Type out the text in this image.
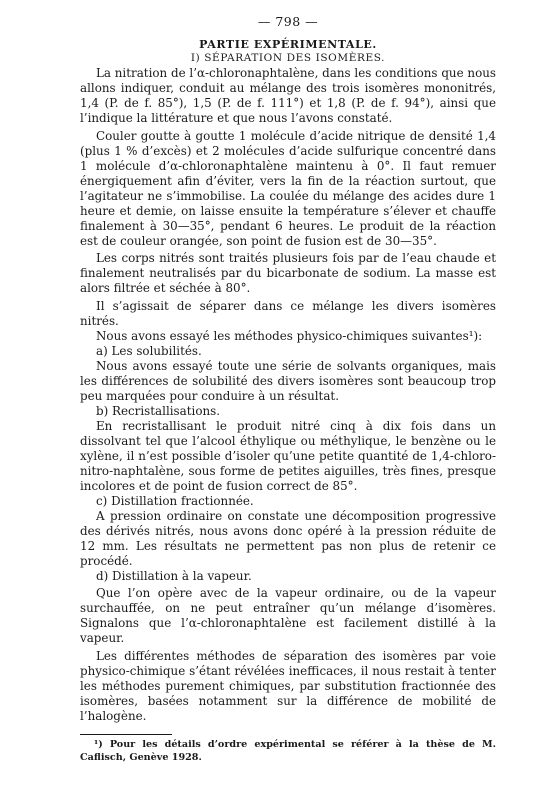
— 798 —
PARTIE EXPÉRIMENTALE.
I) SÉPARATION DES ISOMÈRES.

La nitration de l’α-chloronaphtalène, dans les conditions que nous allons indiquer, conduit au mélange des trois isomères mononitrés, 1,4 (P. de f. 85°), 1,5 (P. de f. 111°) et 1,8 (P. de f. 94°), ainsi que l’indique la littérature et que nous l’avons constaté.

Couler goutte à goutte 1 molécule d’acide nitrique de densité 1,4 (plus 1 % d’excès) et 2 molécules d’acide sulfurique concentré dans 1 molécule d’α-chloronaphtalène maintenu à 0°. Il faut remuer énergiquement afin d’éviter, vers la fin de la réaction surtout, que l’agitateur ne s’immobilise. La coulée du mélange des acides dure 1 heure et demie, on laisse ensuite la température s’élever et chauffe finalement à 30—35°, pendant 6 heures. Le produit de la réaction est de couleur orangée, son point de fusion est de 30—35°.

Les corps nitrés sont traités plusieurs fois par de l’eau chaude et finalement neutralisés par du bicarbonate de sodium. La masse est alors filtrée et séchée à 80°.

Il s’agissait de séparer dans ce mélange les divers isomères nitrés.

Nous avons essayé les méthodes physico-chimiques suivantes¹):

a) Les solubilités.

Nous avons essayé toute une série de solvants organiques, mais les différences de solubilité des divers isomères sont beaucoup trop peu marquées pour conduire à un résultat.

b) Recristallisations.

En recristallisant le produit nitré cinq à dix fois dans un dissolvant tel que l’alcool éthylique ou méthylique, le benzène ou le xylène, il n’est possible d’isoler qu’une petite quantité de 1,4-chloro-nitro-naphtalène, sous forme de petites aiguilles, très fines, presque incolores et de point de fusion correct de 85°.

c) Distillation fractionnée.

A pression ordinaire on constate une décomposition progressive des dérivés nitrés, nous avons donc opéré à la pression réduite de 12 mm. Les résultats ne permettent pas non plus de retenir ce procédé.

d) Distillation à la vapeur.

Que l’on opère avec de la vapeur ordinaire, ou de la vapeur surchauffée, on ne peut entraîner qu’un mélange d’isomères. Signalons que l’α-chloronaphtalène est facilement distillé à la vapeur.

Les différentes méthodes de séparation des isomères par voie physico-chimique s’étant révélées inefficaces, il nous restait à tenter les méthodes purement chimiques, par substitution fractionnée des isomères, basées notamment sur la différence de mobilité de l’halogène.

¹) Pour les détails d’ordre expérimental se référer à la thèse de M. Caflisch, Genève 1928.
